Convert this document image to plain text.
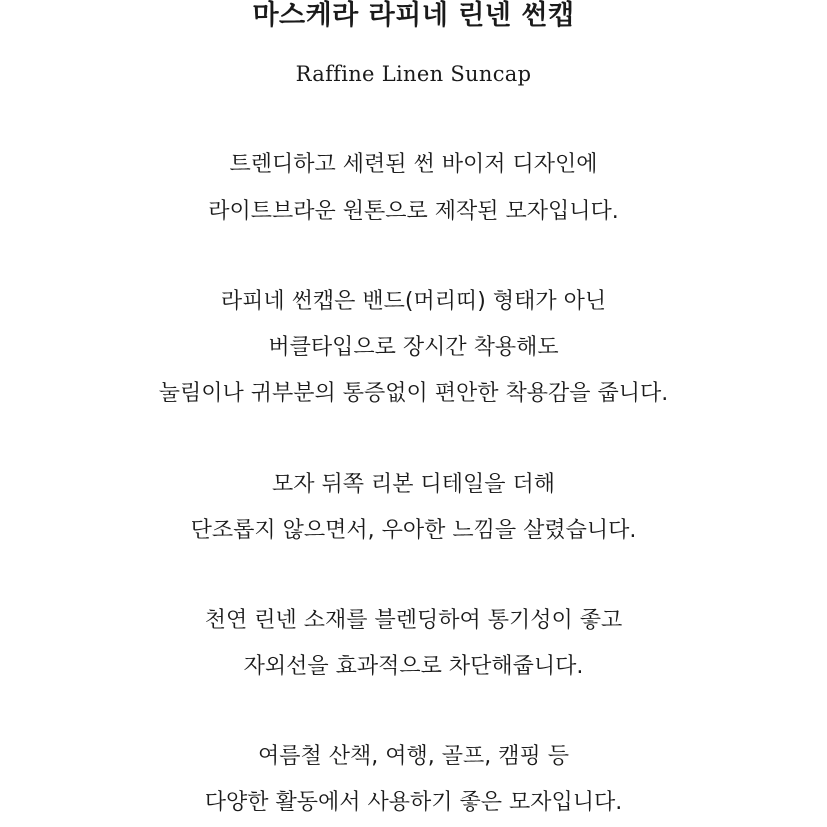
마스케라 라피네 린넨 썬캡
Raffine Linen Suncap
트렌디하고 세련된 썬 바이저 디자인에
라이트브라운 원톤으로 제작된 모자입니다.
라피네 썬캡은 밴드(머리띠) 형태가 아닌
버클타입으로 장시간 착용해도
눌림이나 귀부분의 통증없이 편안한 착용감을 줍니다.
모자 뒤쪽 리본 디테일을 더해
단조롭지 않으면서, 우아한 느낌을 살렸습니다.
천연 린넨 소재를 블렌딩하여 통기성이 좋고
자외선을 효과적으로 차단해줍니다.
여름철 산책, 여행, 골프, 캠핑 등
다양한 활동에서 사용하기 좋은 모자입니다.
